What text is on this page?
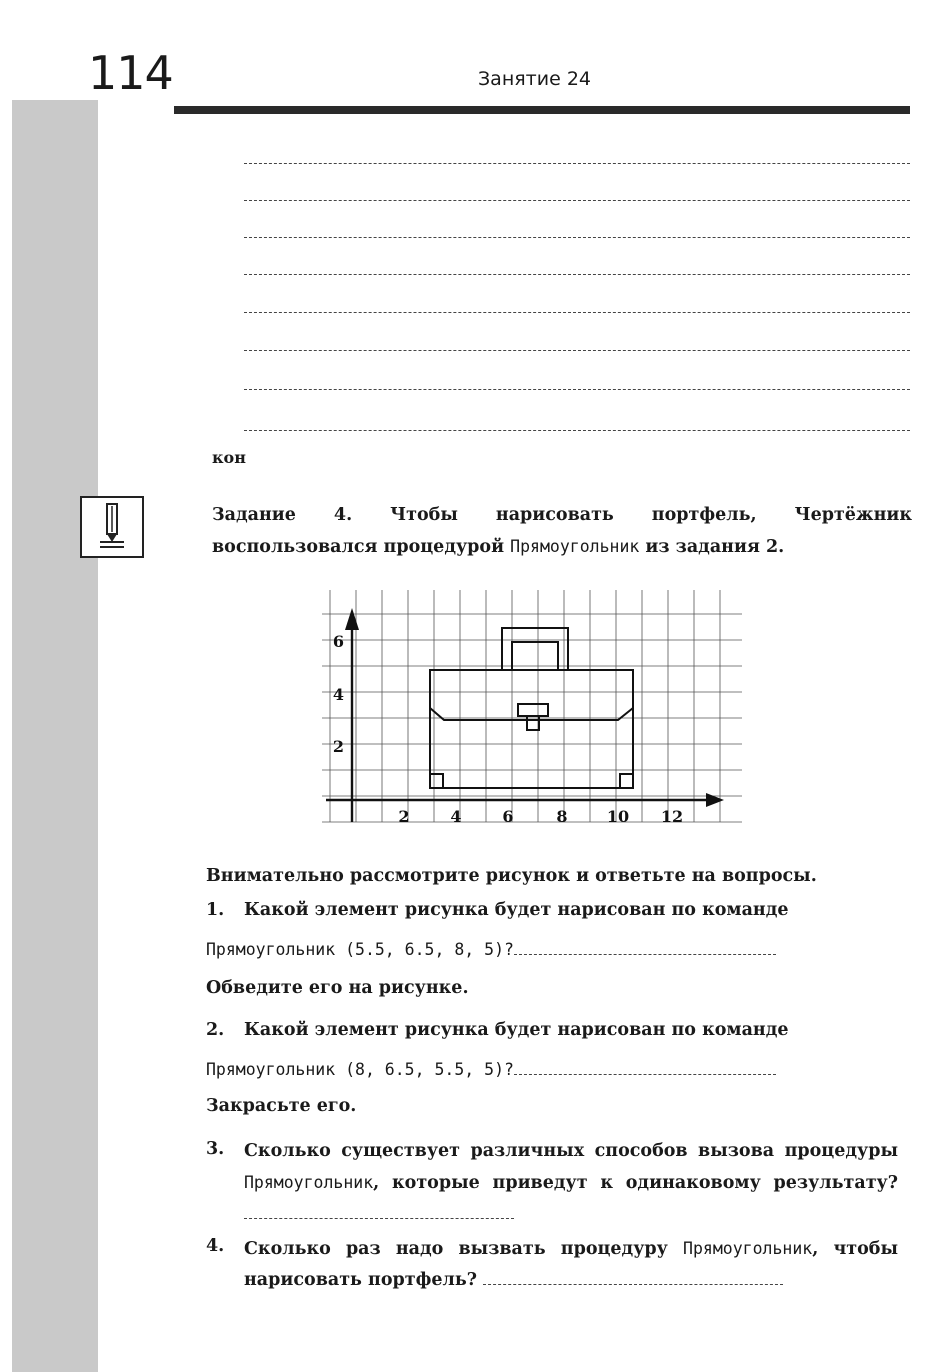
114	Занятие 24
кон
Задание 4. Чтобы нарисовать портфель, Чертёжник воспользовался процедурой Прямоугольник из задания 2.
2	4	6	8 10 12
2
4
6
Внимательно рассмотрите рисунок и ответьте на вопросы.
1. Какой элемент рисунка будет нарисован по команде
Прямоугольник (5.5, 6.5, 8, 5)?
Обведите его на рисунке.
2. Какой элемент рисунка будет нарисован по команде
Прямоугольник (8, 6.5, 5.5, 5)?
Закрасьте его.
3. Сколько существует различных способов вызова процедуры Прямоугольник, которые приведут к одинаковому результату?
4. Сколько раз надо вызвать процедуру Прямоугольник, чтобы нарисовать портфель?
